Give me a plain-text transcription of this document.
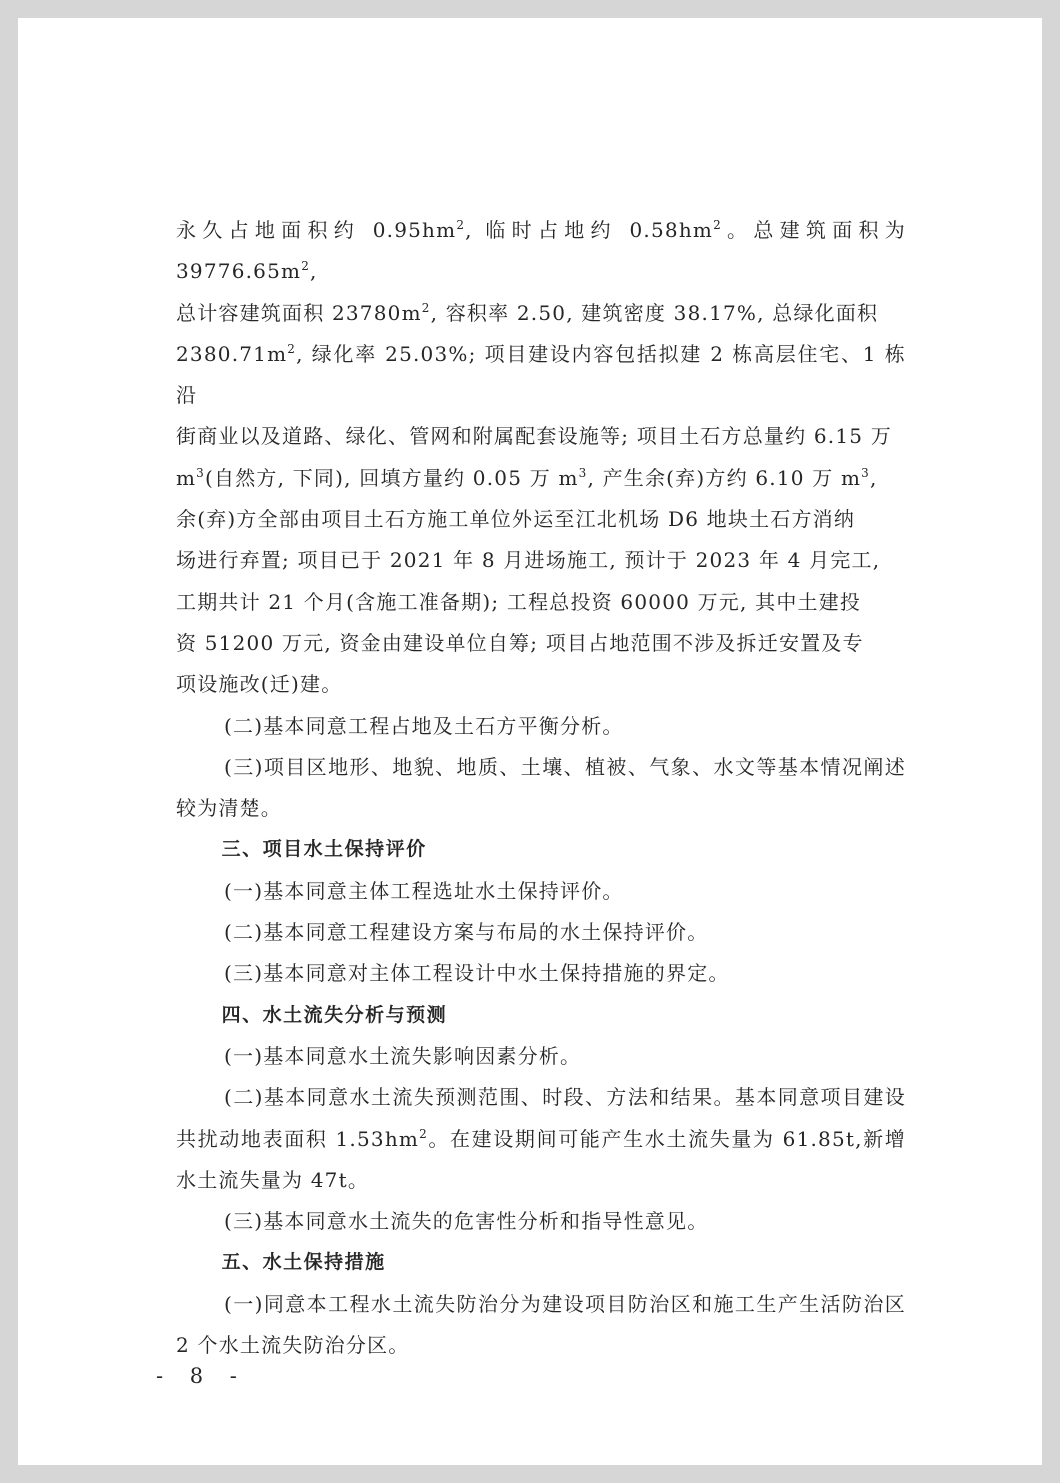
永久占地面积约 $0.95hm^2$, 临时占地约 $0.58hm^2$。总建筑面积为 $39776.65m^2$,
总计容建筑面积 $23780m^2$, 容积率 2.50, 建筑密度 38.17%, 总绿化面积
$2380.71m^2$, 绿化率 25.03%; 项目建设内容包括拟建 2 栋高层住宅、1 栋沿
街商业以及道路、绿化、管网和附属配套设施等; 项目土石方总量约 6.15 万
$m^3$(自然方, 下同), 回填方量约 0.05 万 $m^3$, 产生余(弃)方约 6.10 万 $m^3$,
余(弃)方全部由项目土石方施工单位外运至江北机场 D6 地块土石方消纳
场进行弃置; 项目已于 2021 年 8 月进场施工, 预计于 2023 年 4 月完工,
工期共计 21 个月(含施工准备期); 工程总投资 60000 万元, 其中土建投
资 51200 万元, 资金由建设单位自筹; 项目占地范围不涉及拆迁安置及专
项设施改(迁)建。

(二)基本同意工程占地及土石方平衡分析。

(三)项目区地形、地貌、地质、土壤、植被、气象、水文等基本情况阐述较为清楚。

三、项目水土保持评价

(一)基本同意主体工程选址水土保持评价。

(二)基本同意工程建设方案与布局的水土保持评价。

(三)基本同意对主体工程设计中水土保持措施的界定。

四、水土流失分析与预测

(一)基本同意水土流失影响因素分析。

(二)基本同意水土流失预测范围、时段、方法和结果。基本同意项目建设共扰动地表面积 $1.53hm^2$。在建设期间可能产生水土流失量为 61.85t,新增水土流失量为 47t。

(三)基本同意水土流失的危害性分析和指导性意见。

五、水土保持措施

(一)同意本工程水土流失防治分为建设项目防治区和施工生产生活防治区 2 个水土流失防治分区。

- 8 -
